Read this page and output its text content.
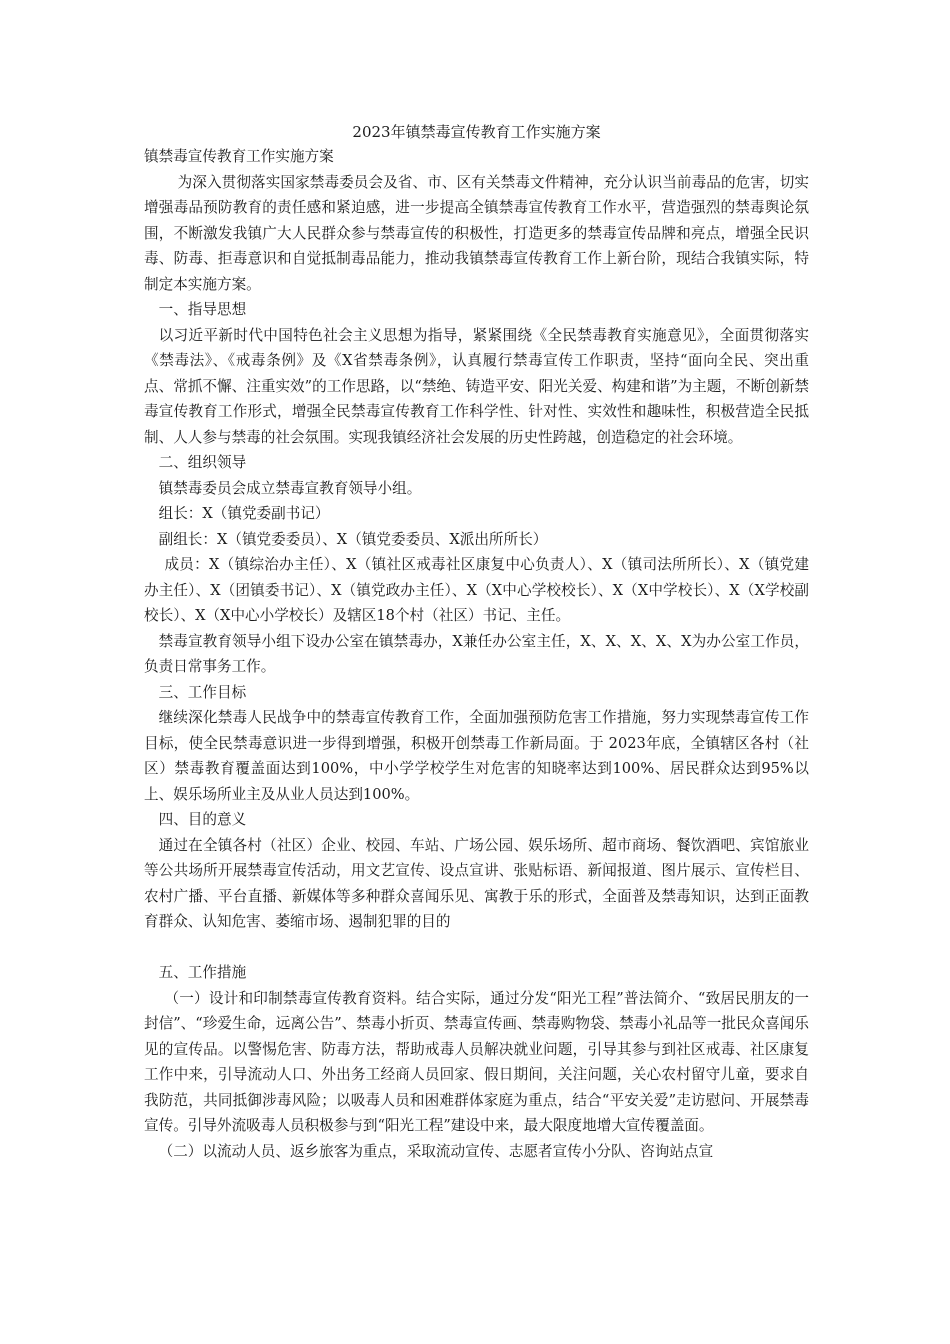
2023年镇禁毒宣传教育工作实施方案

镇禁毒宣传教育工作实施方案

为深入贯彻落实国家禁毒委员会及省、市、区有关禁毒文件精神，充分认识当前毒品的危害，切实增强毒品预防教育的责任感和紧迫感，进一步提高全镇禁毒宣传教育工作水平，营造强烈的禁毒舆论氛围，不断激发我镇广大人民群众参与禁毒宣传的积极性，打造更多的禁毒宣传品牌和亮点，增强全民识毒、防毒、拒毒意识和自觉抵制毒品能力，推动我镇禁毒宣传教育工作上新台阶，现结合我镇实际，特制定本实施方案。

一、指导思想

以习近平新时代中国特色社会主义思想为指导，紧紧围绕《全民禁毒教育实施意见》，全面贯彻落实《禁毒法》、《戒毒条例》及《X省禁毒条例》，认真履行禁毒宣传工作职责，坚持“面向全民、突出重点、常抓不懈、注重实效”的工作思路，以“禁绝、铸造平安、阳光关爱、构建和谐”为主题，不断创新禁毒宣传教育工作形式，增强全民禁毒宣传教育工作科学性、针对性、实效性和趣味性，积极营造全民抵制、人人参与禁毒的社会氛围。实现我镇经济社会发展的历史性跨越，创造稳定的社会环境。

二、组织领导

镇禁毒委员会成立禁毒宣教育领导小组。

组长：X（镇党委副书记）

副组长：X（镇党委委员）、X（镇党委委员、X派出所所长）

成员：X（镇综治办主任）、X（镇社区戒毒社区康复中心负责人）、X（镇司法所所长）、X（镇党建办主任）、X（团镇委书记）、X（镇党政办主任）、X（X中心学校校长）、X（X中学校长）、X（X学校副校长）、X（X中心小学校长）及辖区18个村（社区）书记、主任。

禁毒宣教育领导小组下设办公室在镇禁毒办，X兼任办公室主任，X、X、X、X、X为办公室工作员，负责日常事务工作。

三、工作目标

继续深化禁毒人民战争中的禁毒宣传教育工作，全面加强预防危害工作措施，努力实现禁毒宣传工作目标，使全民禁毒意识进一步得到增强，积极开创禁毒工作新局面。于 2023年底，全镇辖区各村（社区）禁毒教育覆盖面达到100%，中小学学校学生对危害的知晓率达到100%、居民群众达到95%以上、娱乐场所业主及从业人员达到100%。

四、目的意义

通过在全镇各村（社区）企业、校园、车站、广场公园、娱乐场所、超市商场、餐饮酒吧、宾馆旅业等公共场所开展禁毒宣传活动，用文艺宣传、设点宣讲、张贴标语、新闻报道、图片展示、宣传栏目、农村广播、平台直播、新媒体等多种群众喜闻乐见、寓教于乐的形式，全面普及禁毒知识，达到正面教育群众、认知危害、萎缩市场、遏制犯罪的目的

五、工作措施

（一）设计和印制禁毒宣传教育资料。结合实际，通过分发“阳光工程”普法简介、“致居民朋友的一封信”、“珍爱生命，远离公告”、禁毒小折页、禁毒宣传画、禁毒购物袋、禁毒小礼品等一批民众喜闻乐见的宣传品。以警惕危害、防毒方法，帮助戒毒人员解决就业问题，引导其参与到社区戒毒、社区康复工作中来，引导流动人口、外出务工经商人员回家、假日期间，关注问题，关心农村留守儿童，要求自我防范，共同抵御涉毒风险；以吸毒人员和困难群体家庭为重点，结合“平安关爱”走访慰问、开展禁毒宣传。引导外流吸毒人员积极参与到“阳光工程”建设中来，最大限度地增大宣传覆盖面。

（二）以流动人员、返乡旅客为重点，采取流动宣传、志愿者宣传小分队、咨询站点宣
